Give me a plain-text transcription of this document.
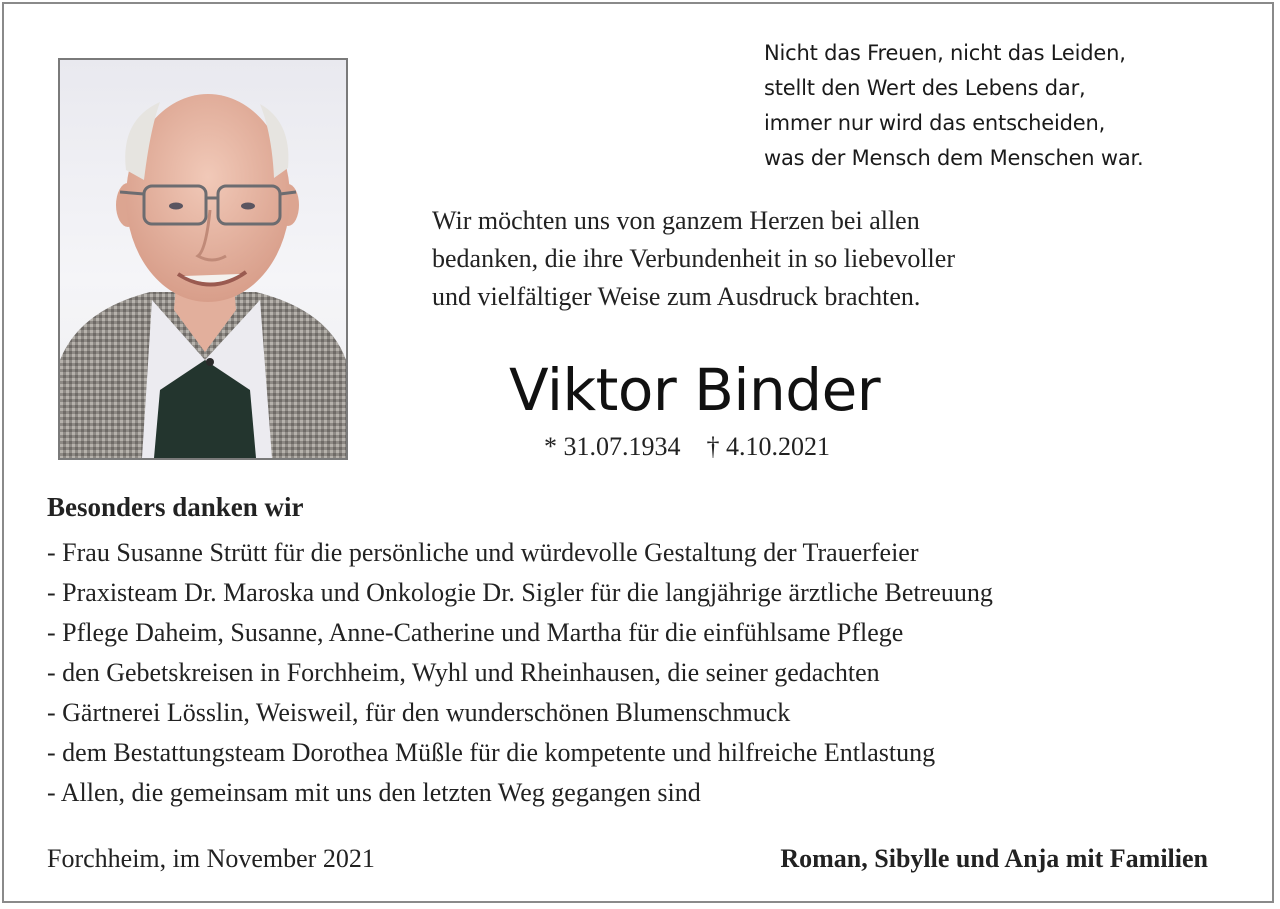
Nicht das Freuen, nicht das Leiden,
stellt den Wert des Lebens dar,
immer nur wird das entscheiden,
was der Mensch dem Menschen war.

Wir möchten uns von ganzem Herzen bei allen
bedanken, die ihre Verbundenheit in so liebevoller
und vielfältiger Weise zum Ausdruck brachten.

Viktor Binder
* 31.07.1934 † 4.10.2021
Besonders danken wir
- Frau Susanne Strütt für die persönliche und würdevolle Gestaltung der Trauerfeier
- Praxisteam Dr. Maroska und Onkologie Dr. Sigler für die langjährige ärztliche Betreuung
- Pflege Daheim, Susanne, Anne-Catherine und Martha für die einfühlsame Pflege
- den Gebetskreisen in Forchheim, Wyhl und Rheinhausen, die seiner gedachten
- Gärtnerei Lösslin, Weisweil, für den wunderschönen Blumenschmuck
- dem Bestattungsteam Dorothea Müßle für die kompetente und hilfreiche Entlastung
- Allen, die gemeinsam mit uns den letzten Weg gegangen sind
Forchheim, im November 2021	Roman, Sibylle und Anja mit Familien
